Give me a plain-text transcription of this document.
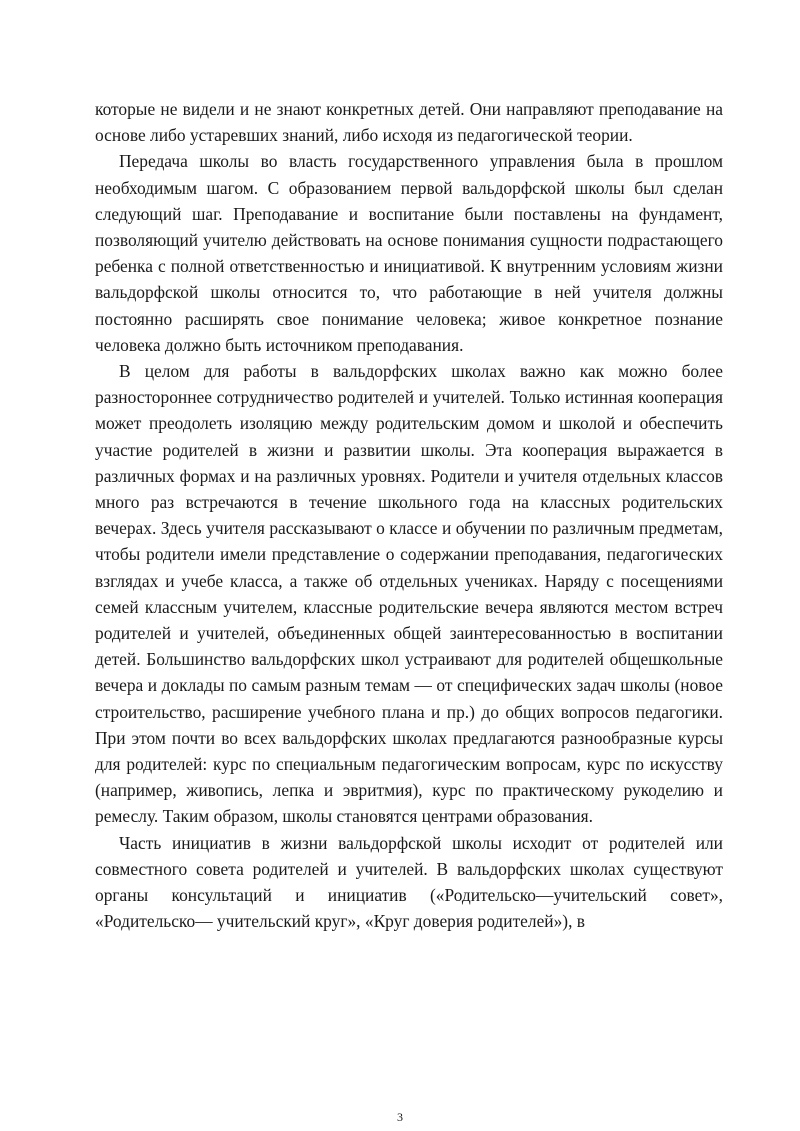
которые не видели и не знают конкретных детей. Они направляют преподавание на основе либо устаревших знаний, либо исходя из педагогической теории.

Передача школы во власть государственного управления была в прошлом необходимым шагом. С образованием первой вальдорфской школы был сделан следующий шаг. Преподавание и воспитание были поставлены на фундамент, позволяющий учителю действовать на основе понимания сущности подрастающего ребенка с полной ответственностью и инициативой. К внутренним условиям жизни вальдорфской школы относится то, что работающие в ней учителя должны постоянно расширять свое понимание человека; живое конкретное познание человека должно быть источником преподавания.

В целом для работы в вальдорфских школах важно как можно более разностороннее сотрудничество родителей и учителей. Только истинная кооперация может преодолеть изоляцию между родительским домом и школой и обеспечить участие родителей в жизни и развитии школы. Эта кооперация выражается в различных формах и на различных уровнях. Родители и учителя отдельных классов много раз встречаются в течение школьного года на классных родительских вечерах. Здесь учителя рассказывают о классе и обучении по различным предметам, чтобы родители имели представление о содержании преподавания, педагогических взглядах и учебе класса, а также об отдельных учениках. Наряду с посещениями семей классным учителем, классные родительские вечера являются местом встреч родителей и учителей, объединенных общей заинтересованностью в воспитании детей. Большинство вальдорфских школ устраивают для родителей общешкольные вечера и доклады по самым разным темам — от специфических задач школы (новое строительство, расширение учебного плана и пр.) до общих вопросов педагогики. При этом почти во всех вальдорфских школах предлагаются разнообразные курсы для родителей: курс по специальным педагогическим вопросам, курс по искусству (например, живопись, лепка и эвритмия), курс по практическому рукоделию и ремеслу. Таким образом, школы становятся центрами образования.

Часть инициатив в жизни вальдорфской школы исходит от родителей или совместного совета родителей и учителей. В вальдорфских школах существуют органы консультаций и инициатив («Родительско—учительский совет», «Родительско— учительский круг», «Круг доверия родителей»), в

3
